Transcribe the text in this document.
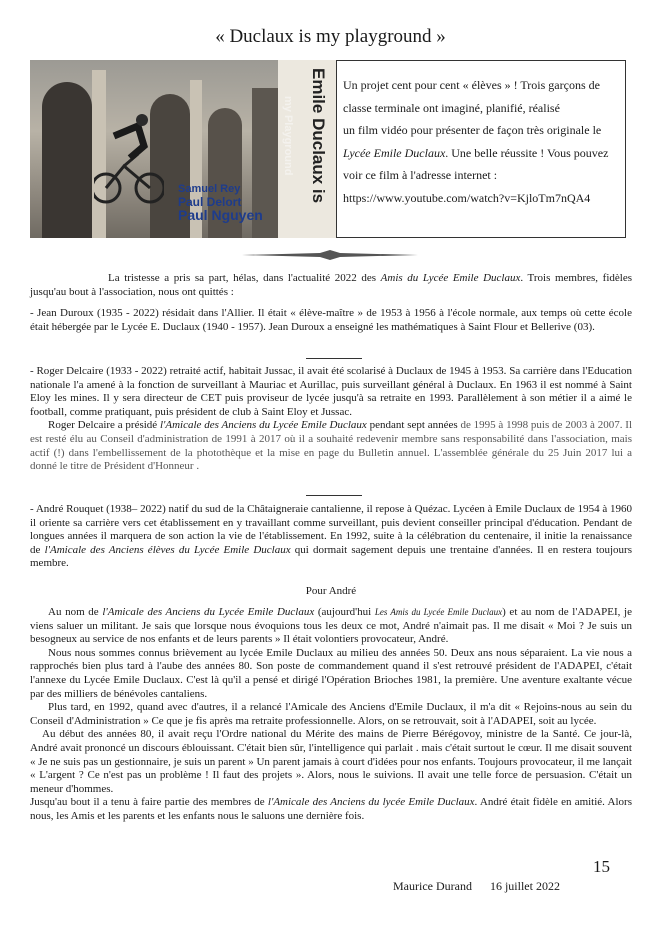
« Duclaux is my playground »
Emile Duclaux is
my Playground
Samuel Rey
Paul Delort
Paul Nguyen

Un projet cent pour cent « élèves » ! Trois garçons de

classe terminale ont imaginé, planifié, réalisé

un film vidéo pour présenter de façon très originale le

Lycée Emile Duclaux. Une belle réussite ! Vous pouvez

voir ce film à l'adresse internet :

https://www.youtube.com/watch?v=KjloTm7nQA4

La tristesse a pris sa part, hélas, dans l'actualité 2022 des Amis du Lycée Emile Duclaux. Trois membres, fidèles jusqu'au bout à l'association, nous ont quittés :

- Jean Duroux (1935 - 2022) résidait dans l'Allier. Il était « élève-maître » de 1953 à 1956 à l'école normale, aux temps où cette école était hébergée par le Lycée E. Duclaux (1940 - 1957). Jean Duroux a enseigné les mathématiques à Saint Flour et Bellerive (03).

- Roger Delcaire (1933 - 2022) retraité actif, habitait Jussac, il avait été scolarisé à Duclaux de 1945 à 1953. Sa carrière dans l'Education nationale l'a amené à la fonction de surveillant à Mauriac et Aurillac, puis surveillant général à Duclaux. En 1963 il est nommé à Saint Eloy les mines. Il y sera directeur de CET puis proviseur de lycée jusqu'à sa retraite en 1993. Parallèlement à son métier il a aimé le football, comme pratiquant, puis président de club à Saint Eloy et Jussac.

Roger Delcaire a présidé l'Amicale des Anciens du Lycée Emile Duclaux pendant sept années de 1995 à 1998 puis de 2003 à 2007. Il est resté élu au Conseil d'administration de 1991 à 2017 où il a souhaité redevenir membre sans responsabilité dans l'association, mais actif (!) dans l'embellissement de la photothèque et la mise en page du Bulletin annuel. L'assemblée générale du 25 Juin 2017 lui a donné le titre de Président d'Honneur .

- André Rouquet (1938– 2022) natif du sud de la Châtaigneraie cantalienne, il repose à Quézac. Lycéen à Emile Duclaux de 1954 à 1960 il oriente sa carrière vers cet établissement en y travaillant comme surveillant, puis devient conseiller principal d'éducation. Pendant de longues années il marquera de son action la vie de l'établissement. En 1992, suite à la célébration du centenaire, il initie la renaissance de l'Amicale des Anciens élèves du Lycée Emile Duclaux qui dormait sagement depuis une trentaine d'années. Il en restera toujours membre.

Pour André

Au nom de l'Amicale des Anciens du Lycée Emile Duclaux (aujourd'hui Les Amis du Lycée Emile Duclaux) et au nom de l'ADAPEI, je viens saluer un militant. Je sais que lorsque nous évoquions tous les deux ce mot, André n'aimait pas. Il me disait « Moi ? Je suis un besogneux au service de nos enfants et de leurs parents » Il était volontiers provocateur, André.

Nous nous sommes connus brièvement au lycée Emile Duclaux au milieu des années 50. Deux ans nous séparaient. La vie nous a rapprochés bien plus tard à l'aube des années 80. Son poste de commandement quand il s'est retrouvé président de l'ADAPEI, c'était l'annexe du Lycée Emile Duclaux. C'est là qu'il a pensé et dirigé l'Opération Brioches 1981, la première. Une aventure exaltante vécue par des milliers de bénévoles cantaliens.

Plus tard, en 1992, quand avec d'autres, il a relancé l'Amicale des Anciens d'Emile Duclaux, il m'a dit « Rejoins-nous au sein du Conseil d'Administration » Ce que je fis après ma retraite professionnelle. Alors, on se retrouvait, soit à l'ADAPEI, soit au lycée.

Au début des années 80, il avait reçu l'Ordre national du Mérite des mains de Pierre Bérégovoy, ministre de la Santé. Ce jour-là, André avait prononcé un discours éblouissant. C'était bien sûr, l'intelligence qui parlait . mais c'était surtout le cœur. Il me disait souvent « Je ne suis pas un gestionnaire, je suis un parent » Un parent jamais à court d'idées pour nos enfants. Toujours provocateur, il me lançait « L'argent ? Ce n'est pas un problème ! Il faut des projets ». Alors, nous le suivions. Il avait une telle force de persuasion. C'était un meneur d'hommes.

Jusqu'au bout il a tenu à faire partie des membres de l'Amicale des Anciens du lycée Emile Duclaux. André était fidèle en amitié. Alors nous, les Amis et les parents et les enfants nous le saluons une dernière fois.

15
Maurice Durand      16 juillet 2022
